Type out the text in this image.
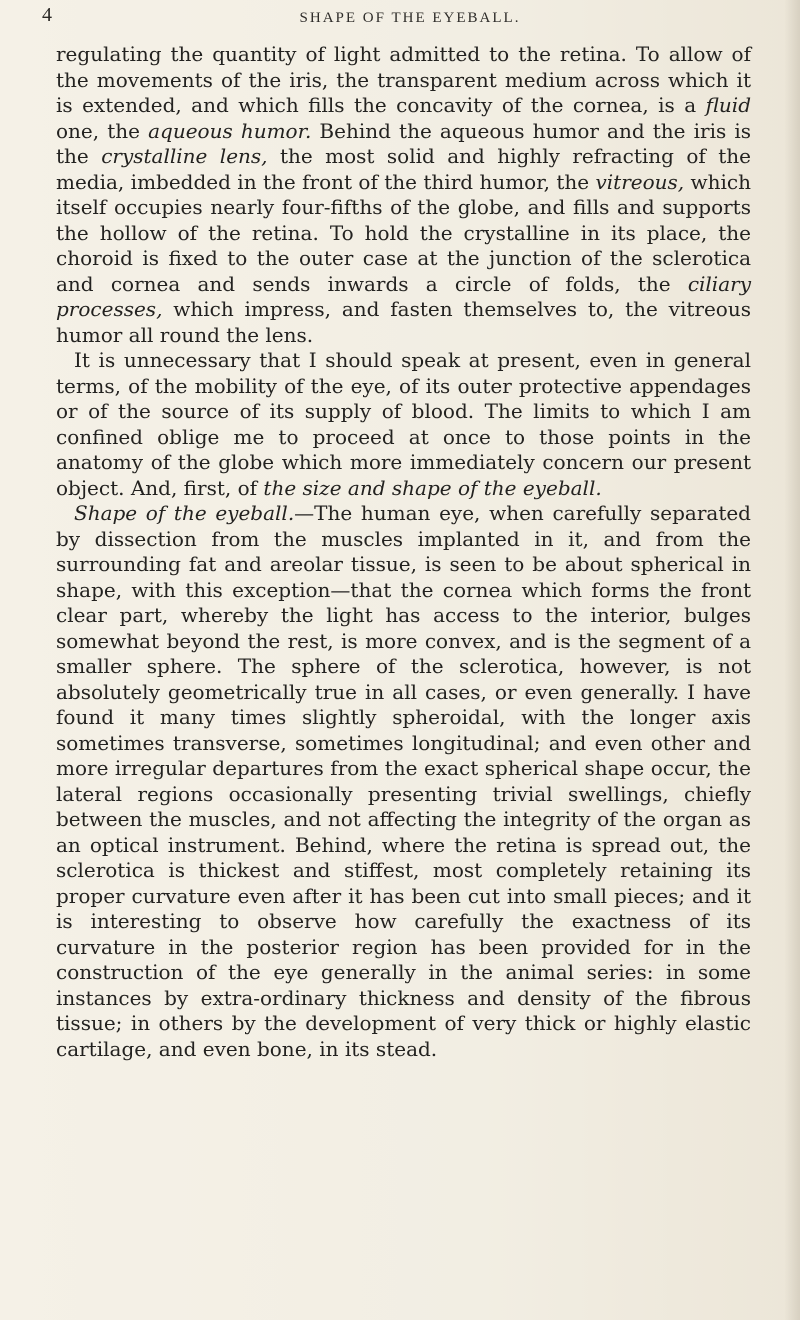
4	SHAPE OF THE EYEBALL.

regulating the quantity of light admitted to the retina. To allow of the movements of the iris, the transparent medium across which it is extended, and which fills the concavity of the cornea, is a fluid one, the aqueous humor. Behind the aqueous humor and the iris is the crystalline lens, the most solid and highly refracting of the media, imbedded in the front of the third humor, the vitreous, which itself occupies nearly four-fifths of the globe, and fills and supports the hollow of the retina. To hold the crystalline in its place, the choroid is fixed to the outer case at the junction of the sclerotica and cornea and sends inwards a circle of folds, the ciliary processes, which impress, and fasten themselves to, the vitreous humor all round the lens.

It is unnecessary that I should speak at present, even in general terms, of the mobility of the eye, of its outer protective appendages or of the source of its supply of blood. The limits to which I am confined oblige me to proceed at once to those points in the anatomy of the globe which more immediately concern our present object. And, first, of the size and shape of the eyeball.

Shape of the eyeball.—The human eye, when carefully separated by dissection from the muscles implanted in it, and from the surrounding fat and areolar tissue, is seen to be about spherical in shape, with this exception—that the cornea which forms the front clear part, whereby the light has access to the interior, bulges somewhat beyond the rest, is more convex, and is the segment of a smaller sphere. The sphere of the sclerotica, however, is not absolutely geometrically true in all cases, or even generally. I have found it many times slightly spheroidal, with the longer axis sometimes transverse, sometimes longitudinal; and even other and more irregular departures from the exact spherical shape occur, the lateral regions occasionally presenting trivial swellings, chiefly between the muscles, and not affecting the integrity of the organ as an optical instrument. Behind, where the retina is spread out, the sclerotica is thickest and stiffest, most completely retaining its proper curvature even after it has been cut into small pieces; and it is interesting to observe how carefully the exactness of its curvature in the posterior region has been provided for in the construction of the eye generally in the animal series: in some instances by extra-ordinary thickness and density of the fibrous tissue; in others by the development of very thick or highly elastic cartilage, and even bone, in its stead.
